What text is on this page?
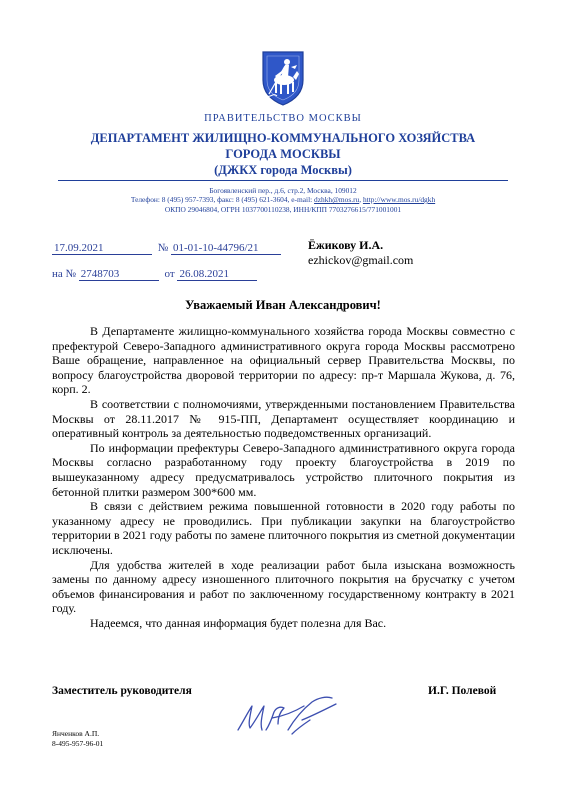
ПРАВИТЕЛЬСТВО МОСКВЫ
ДЕПАРТАМЕНТ ЖИЛИЩНО-КОММУНАЛЬНОГО ХОЗЯЙСТВА
ГОРОДА МОСКВЫ
(ДЖКХ города Москвы)
Богоявленский пер., д.6, стр.2, Москва, 109012
Телефон: 8 (495) 957-7393, факс: 8 (495) 621-3604, e-mail: dzhkh@mos.ru, http://www.mos.ru/dgkh
ОКПО 29046804, ОГРН 1037700110238, ИНН/КПП 7703276615/771001001
17.09.2021	№ 01-01-10-44796/21
на № 2748703	от 26.08.2021
Ёжикову И.А.
ezhickov@gmail.com
Уважаемый Иван Александрович!

В Департаменте жилищно-коммунального хозяйства города Москвы совместно с префектурой Северо-Западного административного округа города Москвы рассмотрено Ваше обращение, направленное на официальный сервер Правительства Москвы, по вопросу благоустройства дворовой территории по адресу: пр-т Маршала Жукова, д. 76, корп. 2.

В соответствии с полномочиями, утвержденными постановлением Правительства Москвы от 28.11.2017 № 915-ПП, Департамент осуществляет координацию и оперативный контроль за деятельностью подведомственных организаций.

По информации префектуры Северо-Западного административного округа города Москвы согласно разработанному году проекту благоустройства в 2019 по вышеуказанному адресу предусматривалось устройство плиточного покрытия из бетонной плитки размером 300*600 мм.

В связи с действием режима повышенной готовности в 2020 году работы по указанному адресу не проводились. При публикации закупки на благоустройство территории в 2021 году работы по замене плиточного покрытия из сметной документации исключены.

Для удобства жителей в ходе реализации работ была изыскана возможность замены по данному адресу изношенного плиточного покрытия на брусчатку с учетом объемов финансирования и работ по заключенному государственному контракту в 2021 году.

Надеемся, что данная информация будет полезна для Вас.

Заместитель руководителя	И.Г. Полевой
Янченков А.П.
8-495-957-96-01
